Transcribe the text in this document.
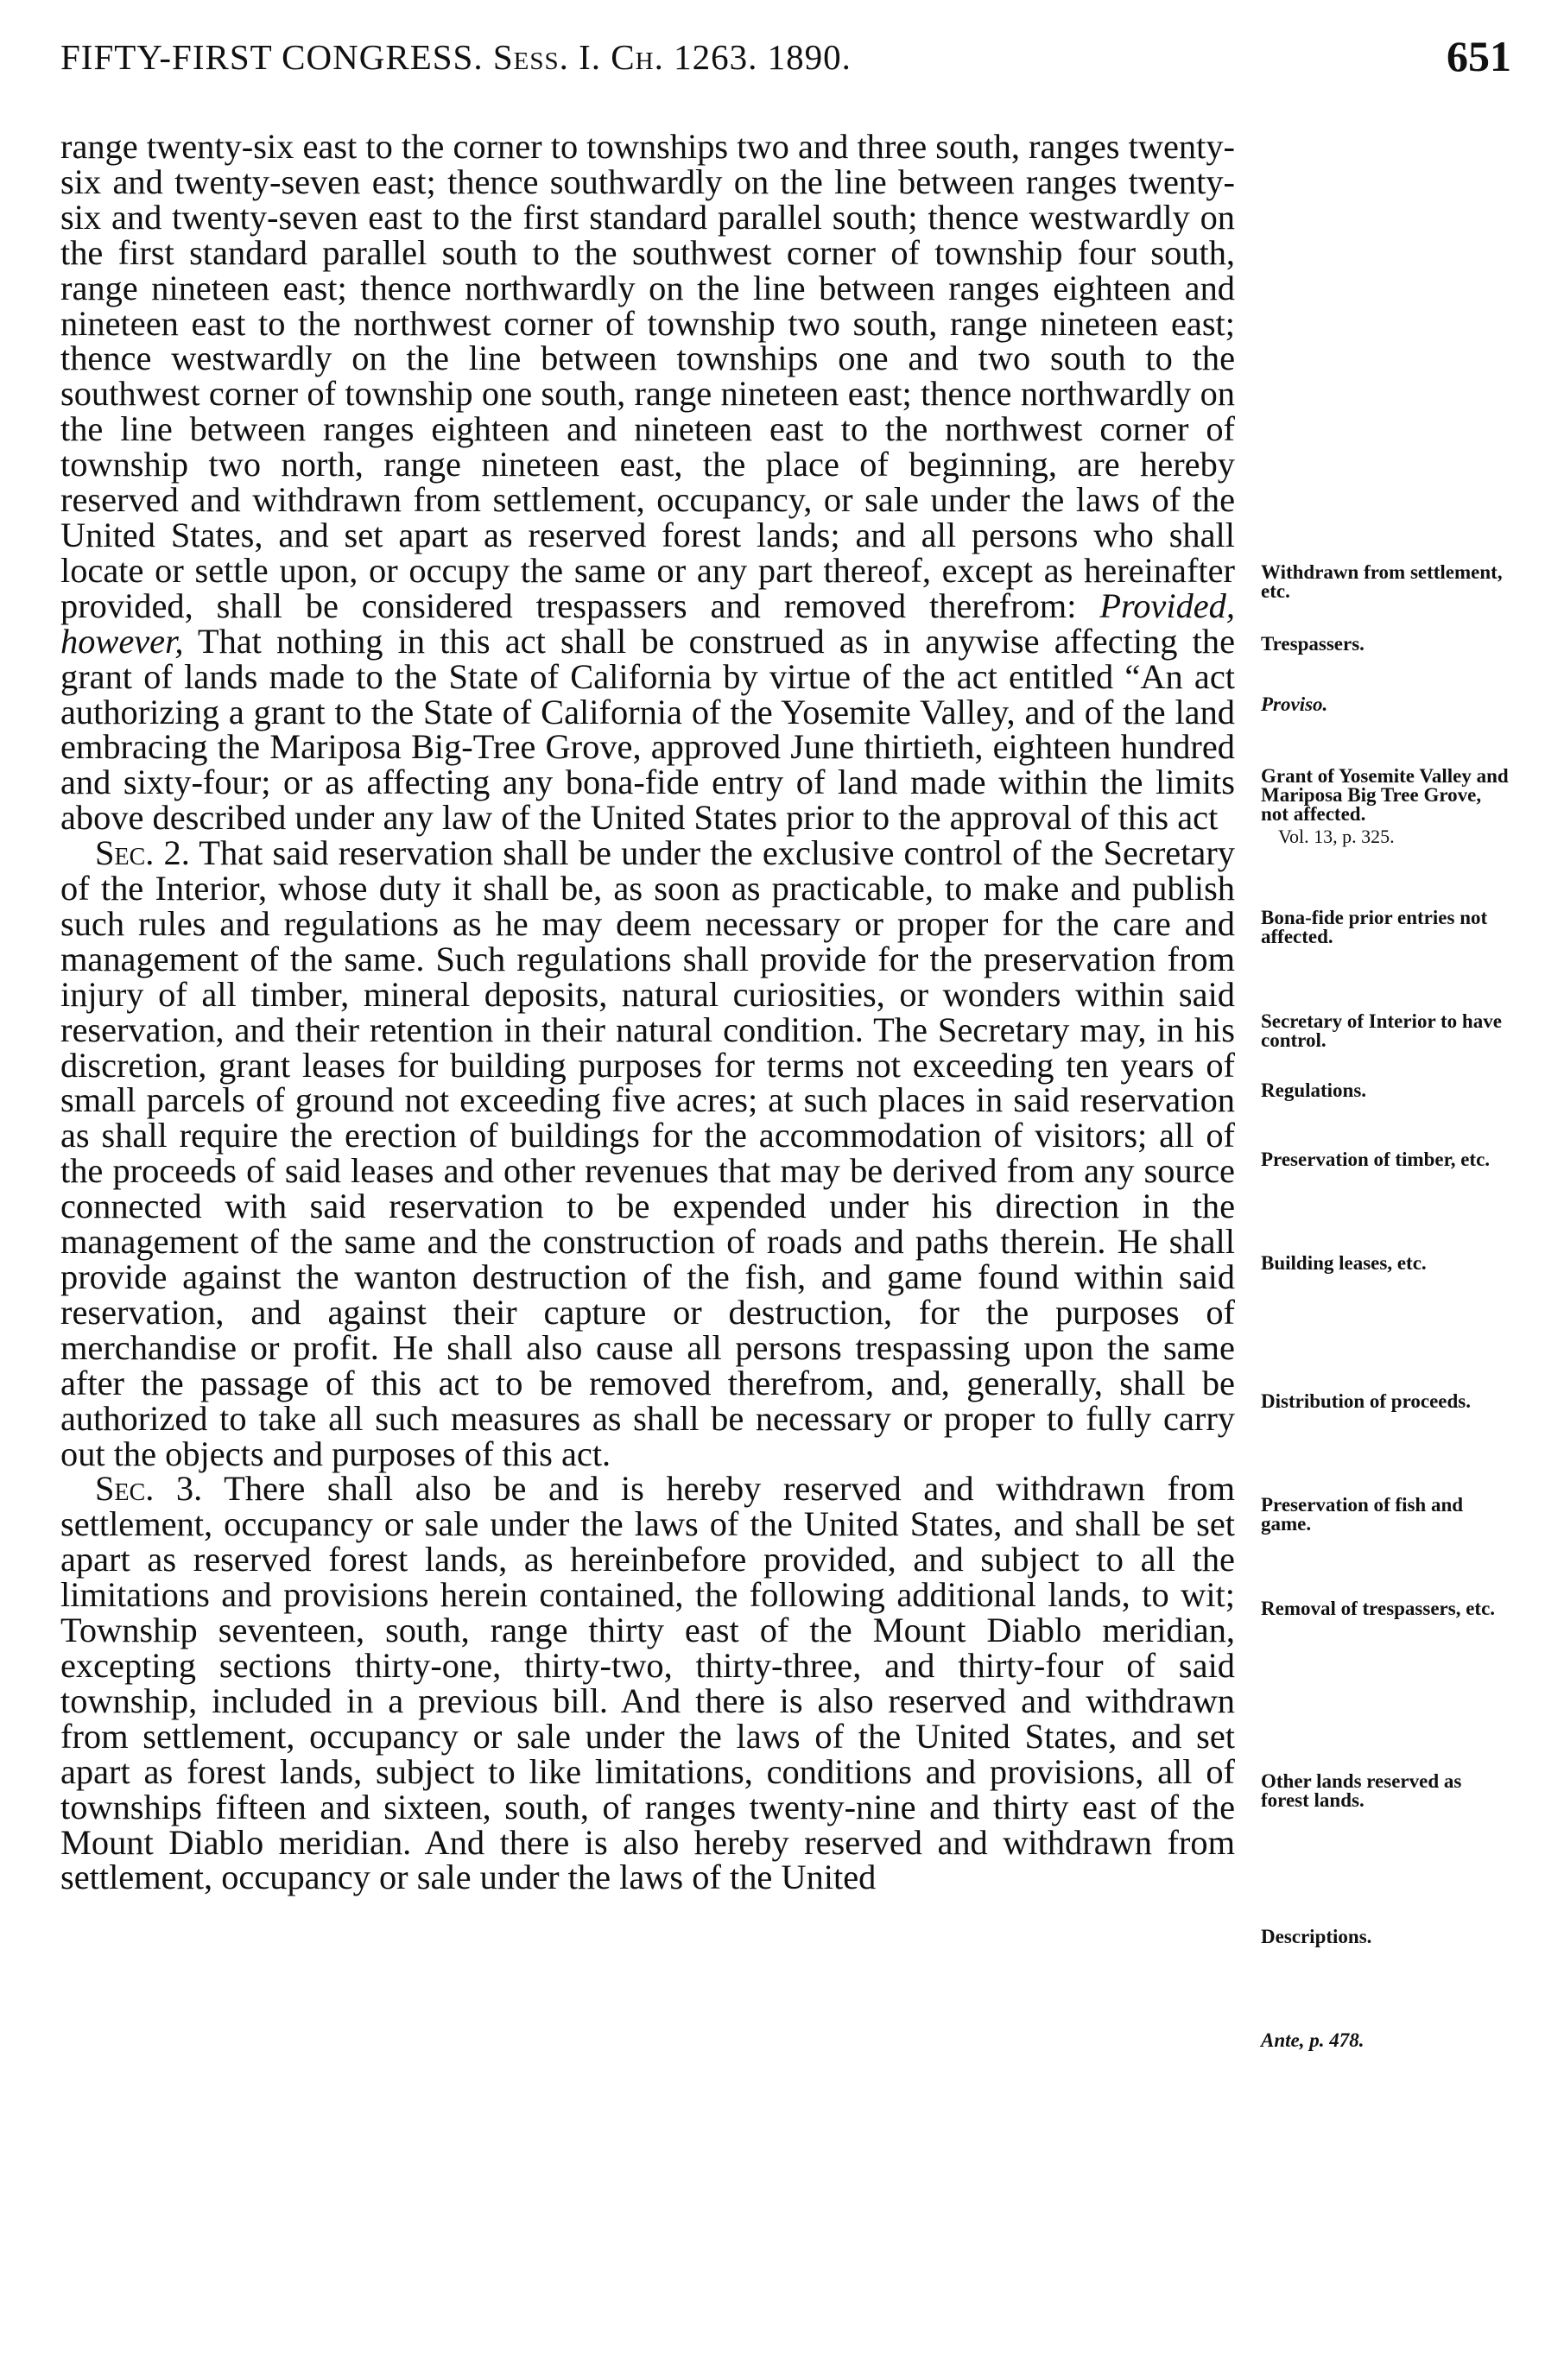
FIFTY-FIRST CONGRESS. Sess. I. Ch. 1263. 1890.	651

range twenty-six east to the corner to townships two and three south, ranges twenty-six and twenty-seven east; thence southwardly on the line between ranges twenty-six and twenty-seven east to the first standard parallel south; thence westwardly on the first standard parallel south to the southwest corner of township four south, range nineteen east; thence northwardly on the line between ranges eighteen and nineteen east to the northwest corner of township two south, range nineteen east; thence westwardly on the line between townships one and two south to the southwest corner of township one south, range nineteen east; thence northwardly on the line between ranges eighteen and nineteen east to the northwest corner of township two north, range nineteen east, the place of beginning, are hereby reserved and withdrawn from settlement, occupancy, or sale under the laws of the United States, and set apart as reserved forest lands; and all persons who shall locate or settle upon, or occupy the same or any part thereof, except as hereinafter provided, shall be considered trespassers and removed therefrom: Provided, however, That nothing in this act shall be construed as in anywise affecting the grant of lands made to the State of California by virtue of the act entitled “An act authorizing a grant to the State of California of the Yosemite Valley, and of the land embracing the Mariposa Big-Tree Grove, approved June thirtieth, eighteen hundred and sixty-four; or as affecting any bona-fide entry of land made within the limits above described under any law of the United States prior to the approval of this act

Sec. 2. That said reservation shall be under the exclusive control of the Secretary of the Interior, whose duty it shall be, as soon as practicable, to make and publish such rules and regulations as he may deem necessary or proper for the care and management of the same. Such regulations shall provide for the preservation from injury of all timber, mineral deposits, natural curiosities, or wonders within said reservation, and their retention in their natural condition. The Secretary may, in his discretion, grant leases for building purposes for terms not exceeding ten years of small parcels of ground not exceeding five acres; at such places in said reservation as shall require the erection of buildings for the accommodation of visitors; all of the proceeds of said leases and other revenues that may be derived from any source connected with said reservation to be expended under his direction in the management of the same and the construction of roads and paths therein. He shall provide against the wanton destruction of the fish, and game found within said reservation, and against their capture or destruction, for the purposes of merchandise or profit. He shall also cause all persons trespassing upon the same after the passage of this act to be removed therefrom, and, generally, shall be authorized to take all such measures as shall be necessary or proper to fully carry out the objects and purposes of this act.

Sec. 3. There shall also be and is hereby reserved and withdrawn from settlement, occupancy or sale under the laws of the United States, and shall be set apart as reserved forest lands, as hereinbefore provided, and subject to all the limitations and provisions herein contained, the following additional lands, to wit; Township seventeen, south, range thirty east of the Mount Diablo meridian, excepting sections thirty-one, thirty-two, thirty-three, and thirty-four of said township, included in a previous bill. And there is also reserved and withdrawn from settlement, occupancy or sale under the laws of the United States, and set apart as forest lands, subject to like limitations, conditions and provisions, all of townships fifteen and sixteen, south, of ranges twenty-nine and thirty east of the Mount Diablo meridian. And there is also hereby reserved and withdrawn from settlement, occupancy or sale under the laws of the United

Withdrawn from settlement, etc.
Trespassers.
Proviso.
Grant of Yosemite Valley and Mariposa Big Tree Grove, not affected.
Vol. 13, p. 325.
Bona-fide prior entries not affected.
Secretary of Interior to have control.
Regulations.
Preservation of timber, etc.
Building leases, etc.
Distribution of proceeds.
Preservation of fish and game.
Removal of trespassers, etc.
Other lands reserved as forest lands.
Descriptions.
Ante, p. 478.
